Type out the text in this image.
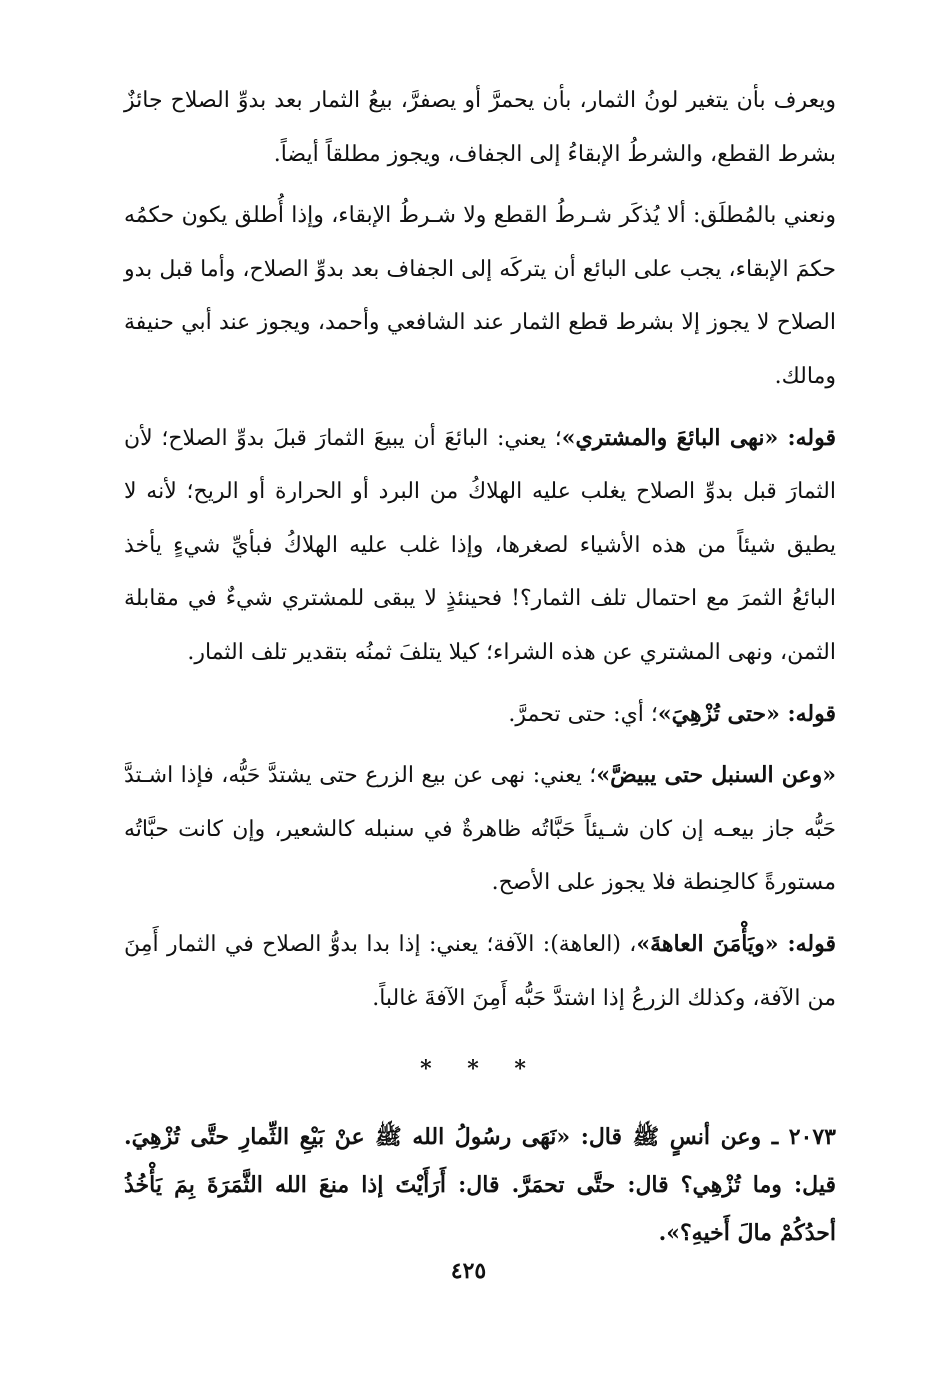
ويعرف بأن يتغير لونُ الثمار، بأن يحمرَّ أو يصفرَّ، بيعُ الثمار بعد بدوِّ الصلاح جائزٌ بشرط القطع، والشرطُ الإبقاءُ إلى الجفاف، ويجوز مطلقاً أيضاً.

ونعني بالمُطلَق: ألا يُذكَر شـرطُ القطع ولا شـرطُ الإبقاء، وإذا أُطلق يكون حكمُه حكمَ الإبقاء، يجب على البائع أن يتركَه إلى الجفاف بعد بدوِّ الصلاح، وأما قبل بدو الصلاح لا يجوز إلا بشرط قطع الثمار عند الشافعي وأحمد، ويجوز عند أبي حنيفة ومالك.

قوله: «نهى البائعَ والمشتري»؛ يعني: البائعَ أن يبيعَ الثمارَ قبلَ بدوِّ الصلاح؛ لأن الثمارَ قبل بدوِّ الصلاح يغلب عليه الهلاكُ من البرد أو الحرارة أو الريح؛ لأنه لا يطيق شيئاً من هذه الأشياء لصغرها، وإذا غلب عليه الهلاكُ فبأيِّ شيءٍ يأخذ البائعُ الثمرَ مع احتمال تلف الثمار؟! فحينئذٍ لا يبقى للمشتري شيءٌ في مقابلة الثمن، ونهى المشتري عن هذه الشراء؛ كيلا يتلفَ ثمنُه بتقدير تلف الثمار.

قوله: «حتى تُزْهِيَ»؛ أي: حتى تحمرَّ.

«وعن السنبل حتى يبيضَّ»؛ يعني: نهى عن بيع الزرع حتى يشتدَّ حَبُّه، فإذا اشـتدَّ حَبُّه جاز بيعـه إن كان شـيئاً حَبَّاتُه ظاهرةٌ في سنبله كالشعير، وإن كانت حبَّاتُه مستورةً كالحِنطة فلا يجوز على الأصح.

قوله: «ويَأْمَنَ العاهةَ»، (العاهة): الآفة؛ يعني: إذا بدا بدوُّ الصلاح في الثمار أَمِنَ من الآفة، وكذلك الزرعُ إذا اشتدَّ حَبُّه أَمِنَ الآفةَ غالباً.

* * *

٢٠٧٣ ـ وعن أنسٍ ﷺ قال: «نَهَى رسُولُ الله ﷺ عنْ بَيْعِ الثِّمارِ حتَّى تُزْهِيَ. قيل: وما تُزْهِي؟ قال: حتَّى تحمَرَّ. قال: أَرَأَيْتَ إذا منعَ الله الثَّمَرَةَ بِمَ يَأْخُذُ أحدُكُمْ مالَ أَخيهِ؟».

٤٢٥
